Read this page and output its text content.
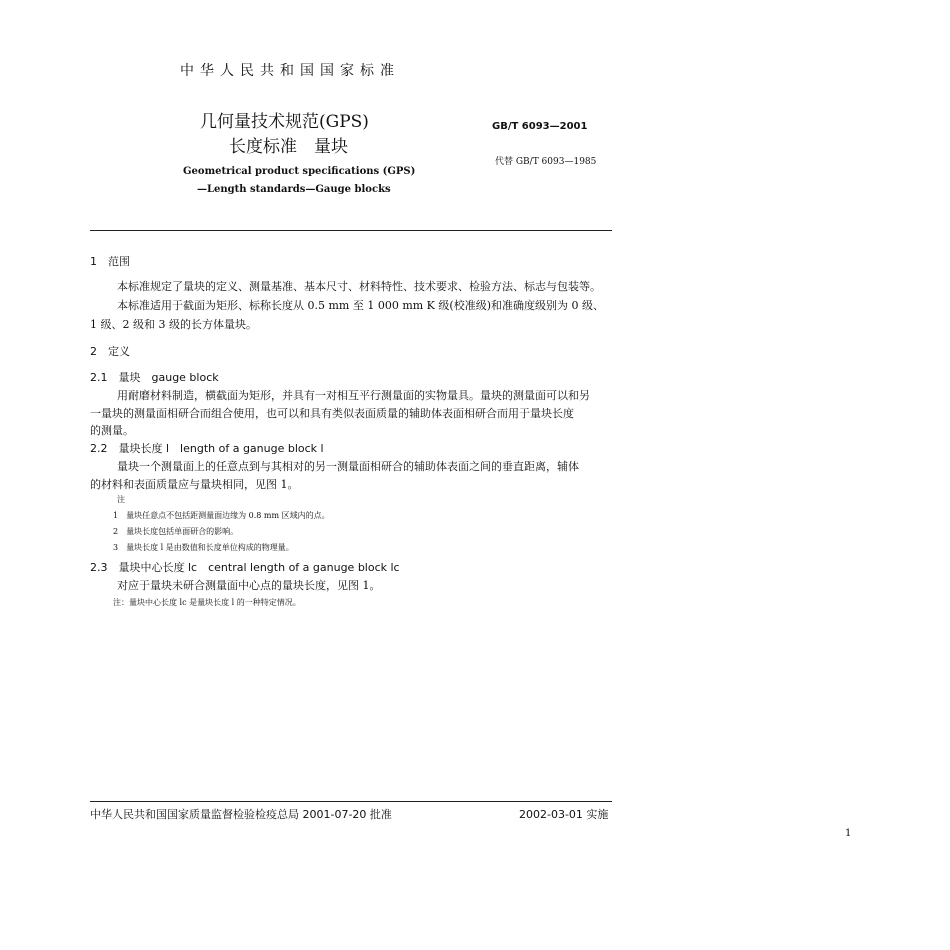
中华人民共和国国家标准
几何量技术规范(GPS)
长度标准　量块
Geometrical product specifications (GPS)
—Length standards—Gauge blocks
GB/T 6093—2001
代替 GB/T 6093—1985
1　范围
本标准规定了量块的定义、测量基准、基本尺寸、材料特性、技术要求、检验方法、标志与包装等。
本标准适用于截面为矩形、标称长度从 0.5 mm 至 1 000 mm K 级(校准级)和准确度级别为 0 级、
1 级、2 级和 3 级的长方体量块。
2　定义
2.1　量块　gauge block
用耐磨材料制造，横截面为矩形，并具有一对相互平行测量面的实物量具。量块的测量面可以和另
一量块的测量面相研合而组合使用，也可以和具有类似表面质量的辅助体表面相研合而用于量块长度
的测量。
2.2　量块长度 l　length of a ganuge block l
量块一个测量面上的任意点到与其相对的另一测量面相研合的辅助体表面之间的垂直距离，辅体
的材料和表面质量应与量块相同，见图 1。
注
1　量块任意点不包括距测量面边缘为 0.8 mm 区域内的点。
2　量块长度包括单面研合的影响。
3　量块长度 l 是由数值和长度单位构成的物理量。
2.3　量块中心长度 lc　central length of a ganuge block lc
对应于量块未研合测量面中心点的量块长度，见图 1。
注：量块中心长度 lc 是量块长度 l 的一种特定情况。
中华人民共和国国家质量监督检验检疫总局 2001-07-20 批准	2002-03-01 实施
1
